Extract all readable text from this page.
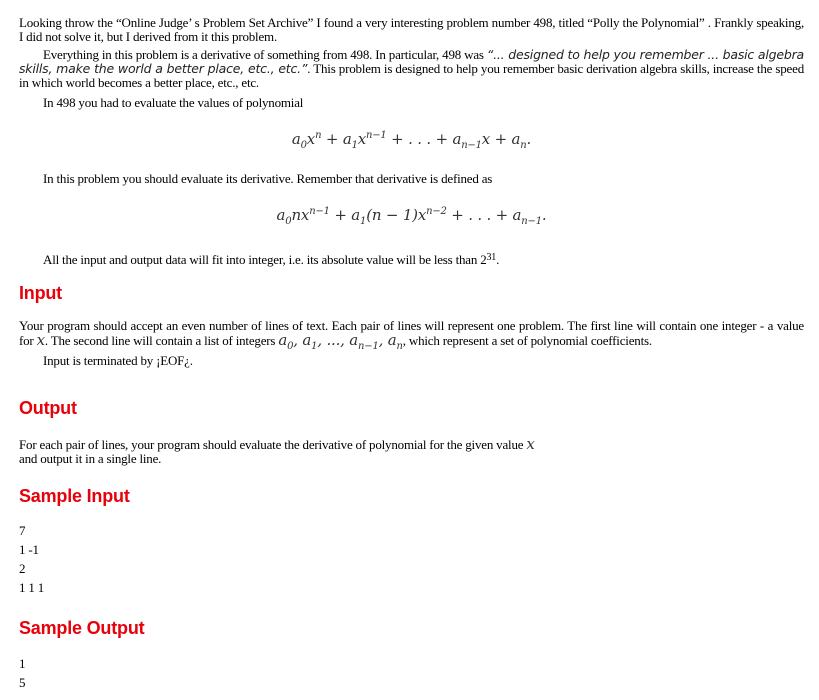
Looking throw the “Online Judge’ s Problem Set Archive” I found a very interesting problem number 498, titled “Polly the Polynomial” . Frankly speaking, I did not solve it, but I derived from it this problem.

Everything in this problem is a derivative of something from 498. In particular, 498 was “... designed to help you remember ... basic algebra skills, make the world a better place, etc., etc.”. This problem is designed to help you remember basic derivation algebra skills, increase the speed in which world becomes a better place, etc., etc.

In 498 you had to evaluate the values of polynomial

$a_0x^n + a_1x^{n-1}$ + . . . + $a_{n-1}x + a_n$.

In this problem you should evaluate its derivative. Remember that derivative is defined as

$a_0nx^{n-1} + a_1(n - 1)x^{n-2}$ + . . . + $a_{n-1}$.

All the input and output data will fit into integer, i.e. its absolute value will be less than $2^{31}$.

Input

Your program should accept an even number of lines of text. Each pair of lines will represent one problem. The first line will contain one integer - a value for x. The second line will contain a list of integers $a_0$, $a_1$, ..., $a_{n-1}$, $a_n$, which represent a set of polynomial coefficients.

Input is terminated by ¡EOF¿.

Output

For each pair of lines, your program should evaluate the derivative of polynomial for the given value x

and output it in a single line.

Sample Input

7

1 -1

2

1 1 1

Sample Output

1

5
